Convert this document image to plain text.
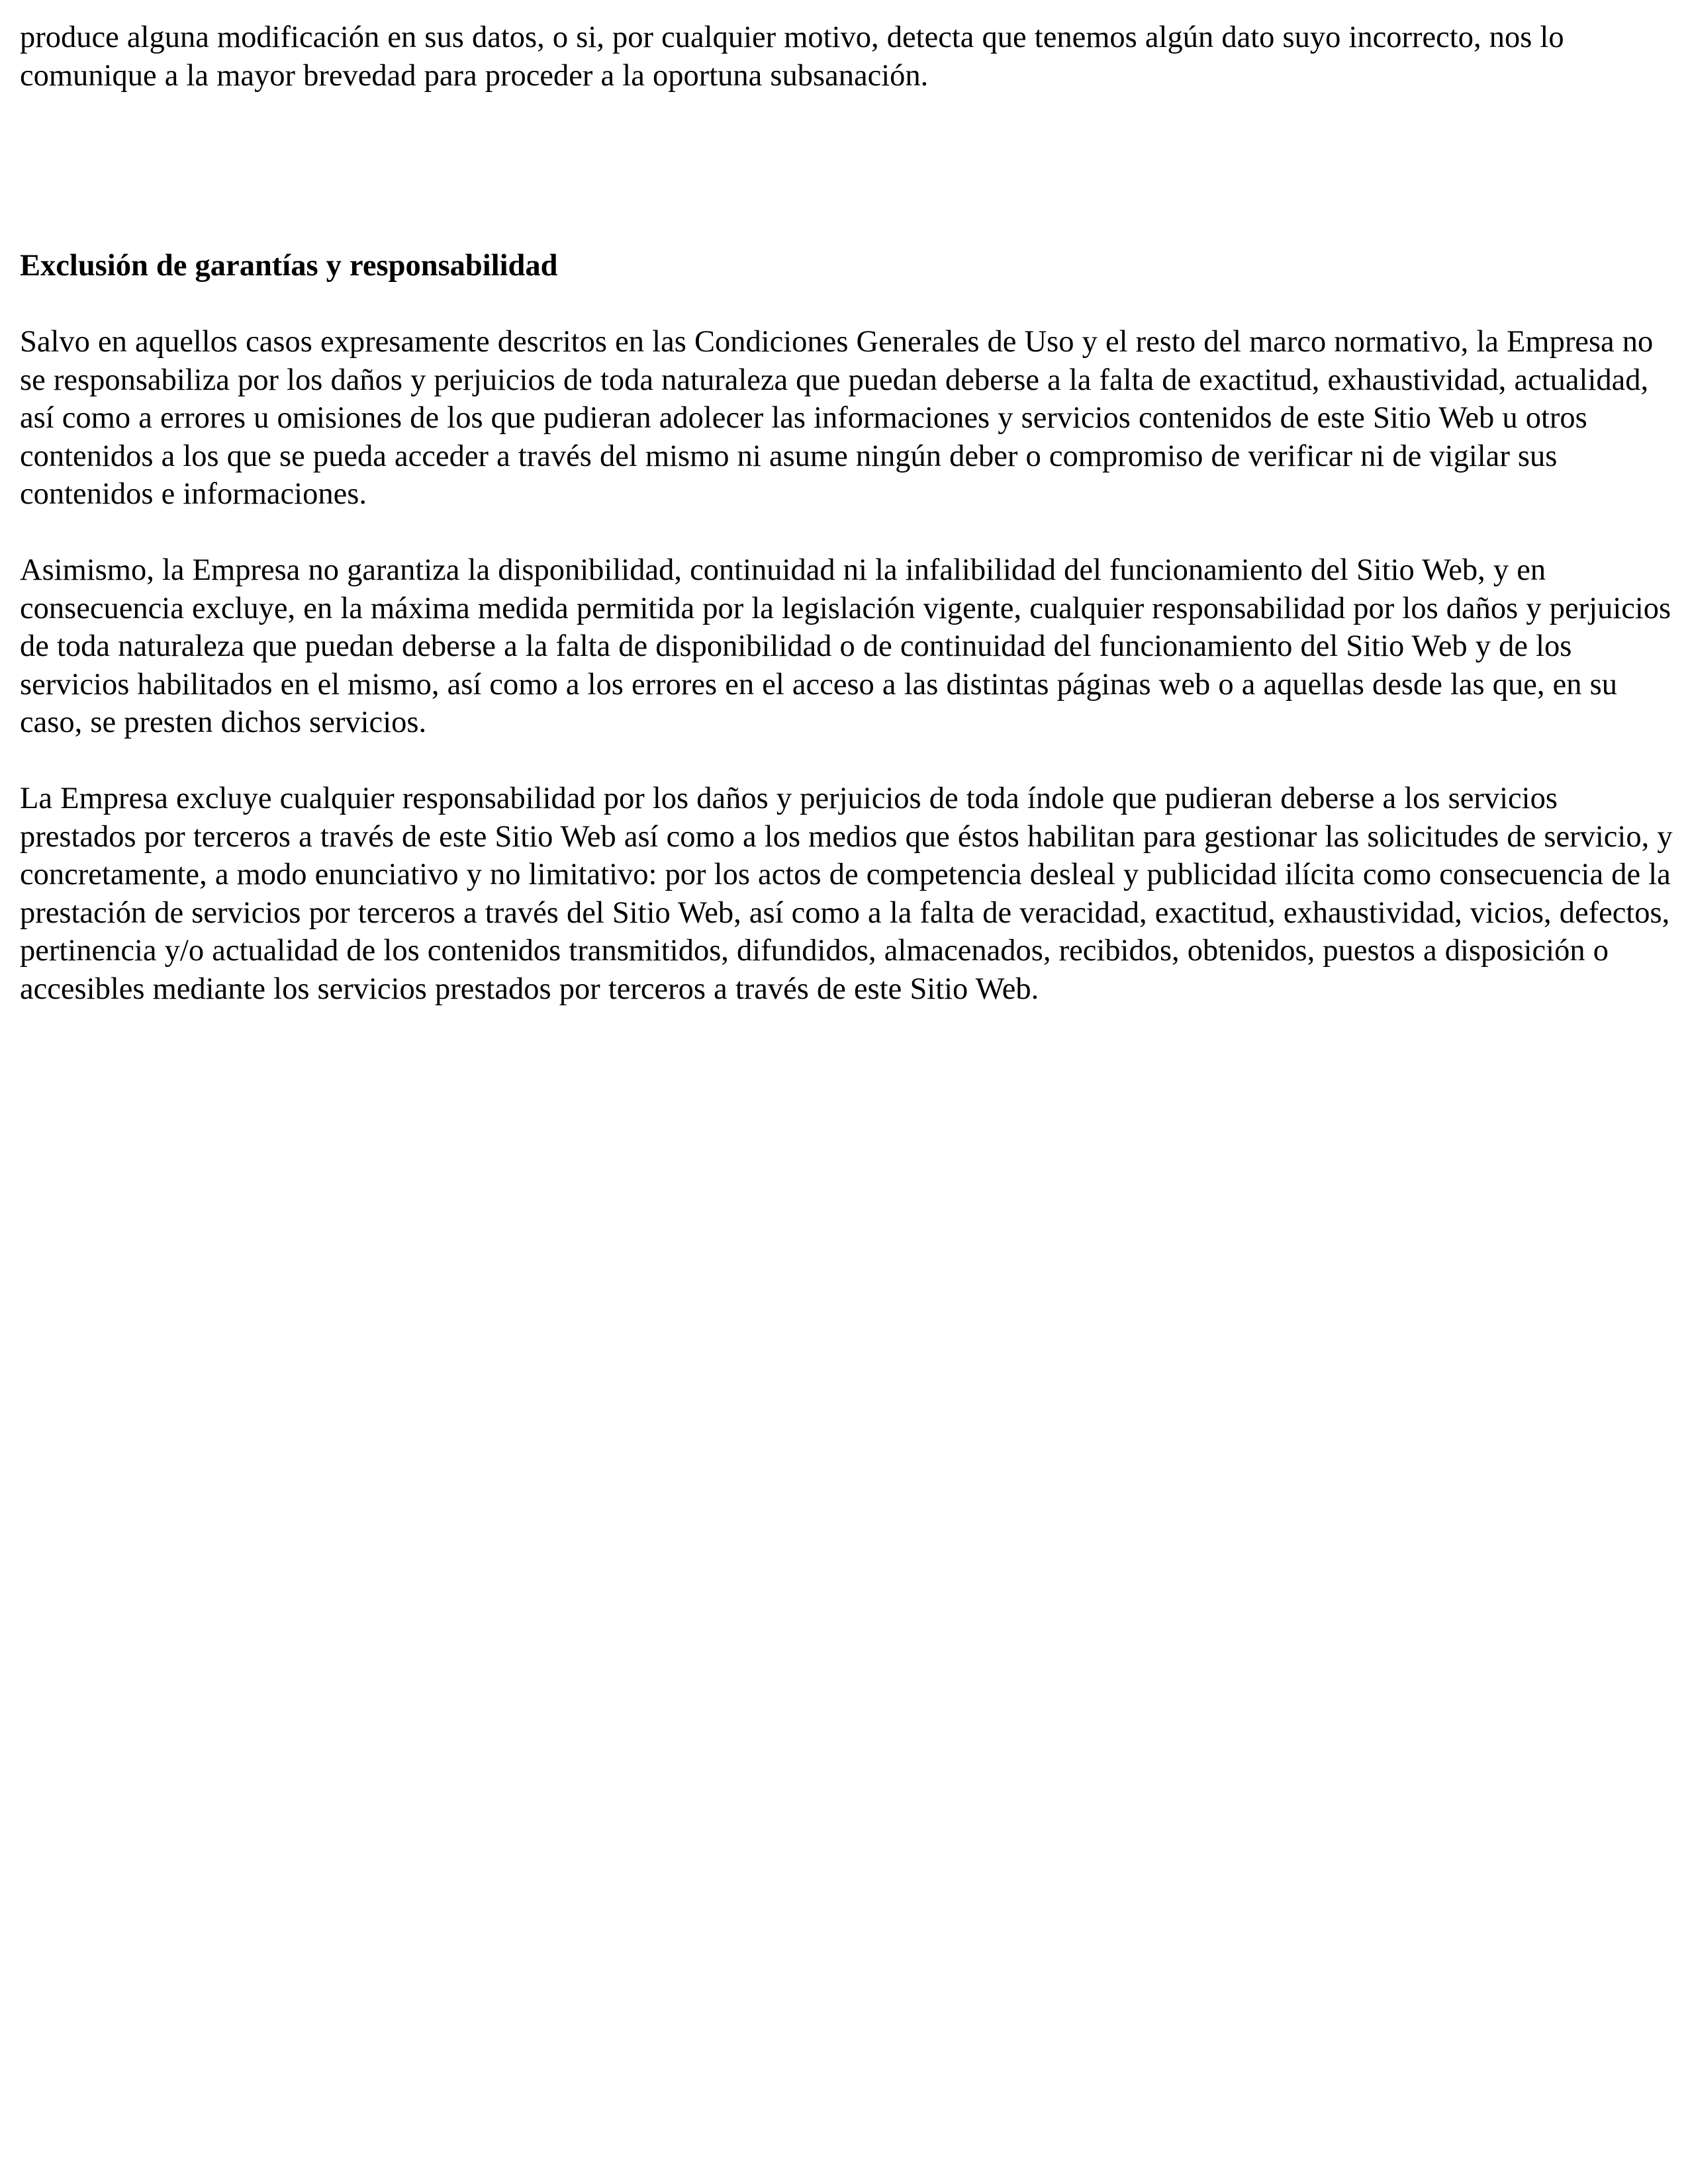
produce alguna modificación en sus datos, o si, por cualquier motivo, detecta que tenemos algún dato suyo incorrecto, nos lo comunique a la mayor brevedad para proceder a la oportuna subsanación.

Exclusión de garantías y responsabilidad

Salvo en aquellos casos expresamente descritos en las Condiciones Generales de Uso y el resto del marco normativo, la Empresa no se responsabiliza por los daños y perjuicios de toda naturaleza que puedan deberse a la falta de exactitud, exhaustividad, actualidad, así como a errores u omisiones de los que pudieran adolecer las informaciones y servicios contenidos de este Sitio Web u otros contenidos a los que se pueda acceder a través del mismo ni asume ningún deber o compromiso de verificar ni de vigilar sus contenidos e informaciones.

Asimismo, la Empresa no garantiza la disponibilidad, continuidad ni la infalibilidad del funcionamiento del Sitio Web, y en consecuencia excluye, en la máxima medida permitida por la legislación vigente, cualquier responsabilidad por los daños y perjuicios de toda naturaleza que puedan deberse a la falta de disponibilidad o de continuidad del funcionamiento del Sitio Web y de los servicios habilitados en el mismo, así como a los errores en el acceso a las distintas páginas web o a aquellas desde las que, en su caso, se presten dichos servicios.

La Empresa excluye cualquier responsabilidad por los daños y perjuicios de toda índole que pudieran deberse a los servicios prestados por terceros a través de este Sitio Web así como a los medios que éstos habilitan para gestionar las solicitudes de servicio, y concretamente, a modo enunciativo y no limitativo: por los actos de competencia desleal y publicidad ilícita como consecuencia de la prestación de servicios por terceros a través del Sitio Web, así como a la falta de veracidad, exactitud, exhaustividad, vicios, defectos, pertinencia y/o actualidad de los contenidos transmitidos, difundidos, almacenados, recibidos, obtenidos, puestos a disposición o accesibles mediante los servicios prestados por terceros a través de este Sitio Web.
